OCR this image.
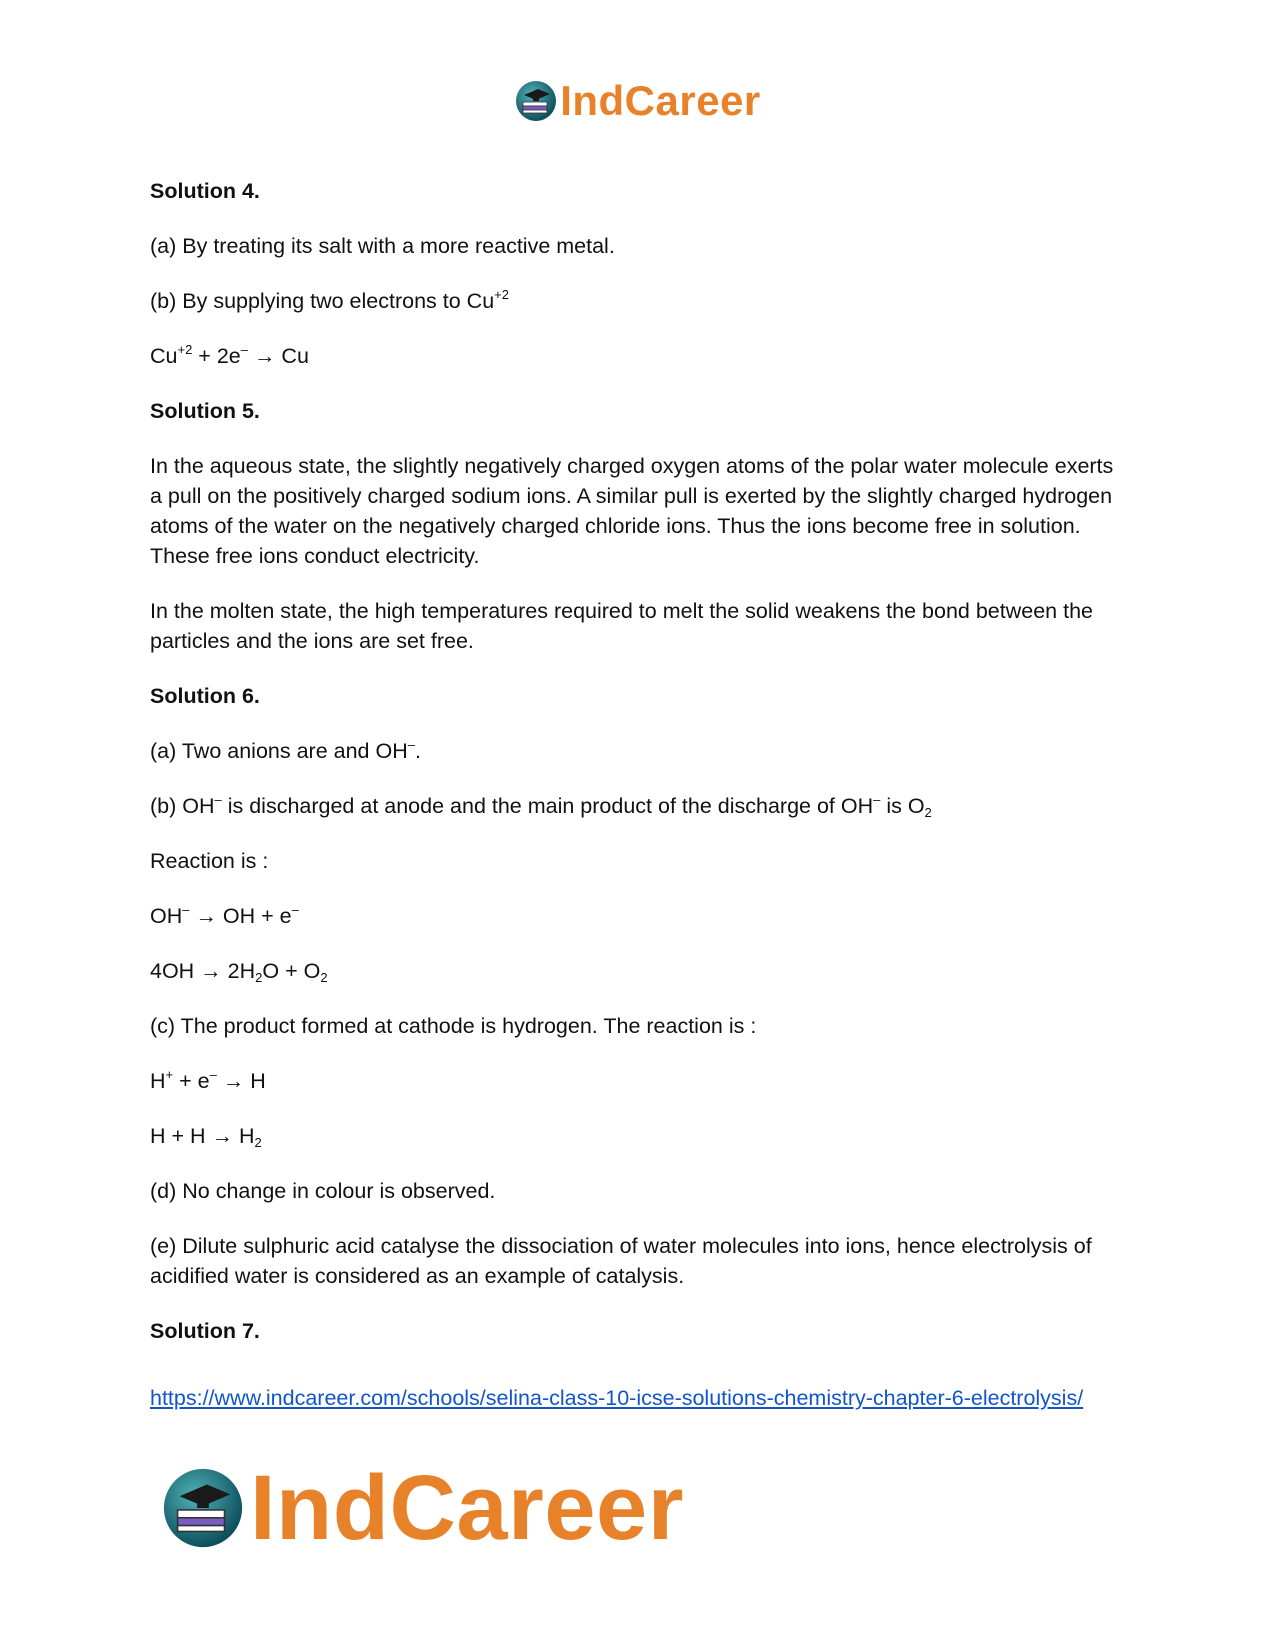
IndCareer

Solution 4.

(a) By treating its salt with a more reactive metal.

(b) By supplying two electrons to $Cu^{+2}$

$Cu^{+2} + 2e^- \to Cu$

Solution 5.

In the aqueous state, the slightly negatively charged oxygen atoms of the polar water molecule exerts a pull on the positively charged sodium ions. A similar pull is exerted by the slightly charged hydrogen atoms of the water on the negatively charged chloride ions. Thus the ions become free in solution. These free ions conduct electricity.

In the molten state, the high temperatures required to melt the solid weakens the bond between the particles and the ions are set free.

Solution 6.

(a) Two anions are and OH–.

(b) OH– is discharged at anode and the main product of the discharge of OH– is $O_2$

Reaction is :

OH– → OH + e–

$4OH \to 2H_2O + O_2$

(c) The product formed at cathode is hydrogen. The reaction is :

H+ + e– → H

$H + H \to H_2$

(d) No change in colour is observed.

(e) Dilute sulphuric acid catalyse the dissociation of water molecules into ions, hence electrolysis of acidified water is considered as an example of catalysis.

Solution 7.

https://www.indcareer.com/schools/selina-class-10-icse-solutions-chemistry-chapter-6-electrolysis/

IndCareer
